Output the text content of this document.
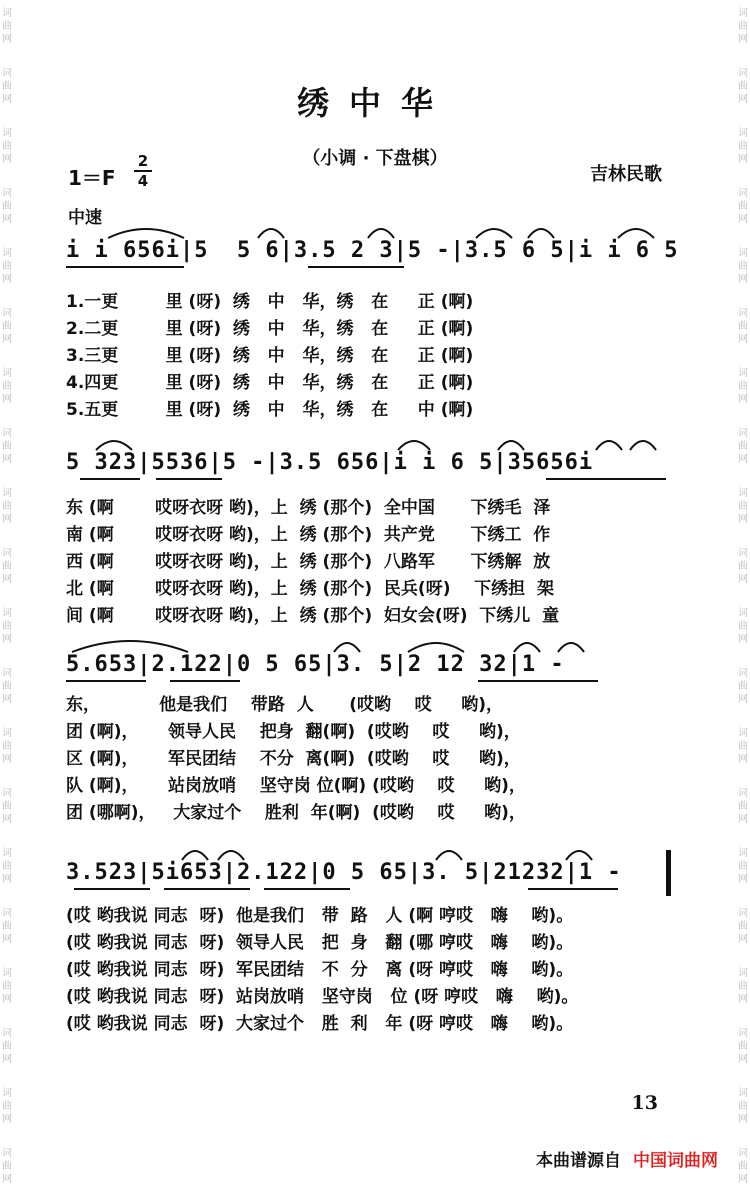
词
曲
网
词
曲
网
词
曲
网
词
曲
网
词
曲
网
词
曲
网
词
曲
网
词
曲
网
词
曲
网
词
曲
网
词
曲
网
词
曲
网
词
曲
网
词
曲
网
词
曲
网
词
曲
网
词
曲
网
词
曲
网
词
曲
网
词
曲
网
词
曲
网
词
曲
网
词
曲
网
词
曲
网
词
曲
网
词
曲
网
词
曲
网
词
曲
网
词
曲
网
词
曲
网
词
曲
网
词
曲
网
词
曲
网
词
曲
网
词
曲
网
词
曲
网
词
曲
网
词
曲
网
词
曲
网
词
曲
网
绣中华
（小调 · 下盘棋）
1＝F
2
4	吉林民歌
中速
i i 656i|5  5 6|3.5 2 3|5 -|3.5 6 5|i i 6 5
1.一更        里 (呀)  绣   中   华，绣   在     正 (啊)
2.二更        里 (呀)  绣   中   华，绣   在     正 (啊)
3.三更        里 (呀)  绣   中   华，绣   在     正 (啊)
4.四更        里 (呀)  绣   中   华，绣   在     正 (啊)
5.五更        里 (呀)  绣   中   华，绣   在     中 (啊)
5 323|5536|5 -|3.5 656|i i 6 5|35656i
东 (啊       哎呀衣呀 哟)，上  绣 (那个)  全中国      下绣毛  泽
南 (啊       哎呀衣呀 哟)，上  绣 (那个)  共产党      下绣工  作
西 (啊       哎呀衣呀 哟)，上  绣 (那个)  八路军      下绣解  放
北 (啊       哎呀衣呀 哟)，上  绣 (那个)  民兵(呀)    下绣担  架
间 (啊       哎呀衣呀 哟)，上  绣 (那个)  妇女会(呀)  下绣儿  童
5.653|2.122|0 5 65|3. 5|2 12 32|1 -
东，          他是我们    带路  人      (哎哟    哎     哟)，
团 (啊)，     领导人民    把身  翻(啊)  (哎哟    哎     哟)，
区 (啊)，     军民团结    不分  离(啊)  (哎哟    哎     哟)，
队 (啊)，     站岗放哨    坚守岗 位(啊) (哎哟    哎     哟)，
团 (哪啊)，   大家过个    胜利  年(啊)  (哎哟    哎     哟)，
3.523|5i653|2.122|0 5 65|3. 5|21232|1 -
(哎 哟我说 同志  呀)  他是我们   带  路   人 (啊 哼哎   嗨    哟)。
(哎 哟我说 同志  呀)  领导人民   把  身   翻 (哪 哼哎   嗨    哟)。
(哎 哟我说 同志  呀)  军民团结   不  分   离 (呀 哼哎   嗨    哟)。
(哎 哟我说 同志  呀)  站岗放哨   坚守岗   位 (呀 哼哎   嗨    哟)。
(哎 哟我说 同志  呀)  大家过个   胜  利   年 (呀 哼哎   嗨    哟)。
13
本曲谱源自 中国词曲网
